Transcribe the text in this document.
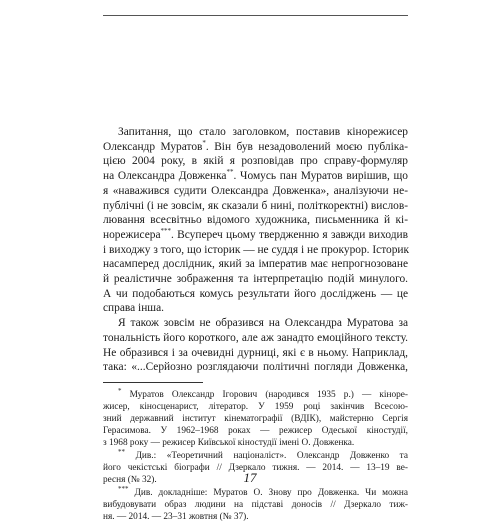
Запитання, що стало заголовком, поставив кінорежисер
Олександр Муратов*. Він був незадоволений моєю публіка-
цією 2004 року, в якій я розповідав про справу-формуляр
на Олександра Довженка**. Чомусь пан Муратов вирішив, що
я «наважився судити Олександра Довженка», аналізуючи не-
публічні (і не зовсім, як сказали б нині, політкоректні) вислов-
лювання всесвітньо відомого художника, письменника й кі-
норежисера***. Всупереч цьому твердженню я завжди виходив
і виходжу з того, що історик — не суддя і не прокурор. Історик
насамперед дослідник, який за імператив має непрогнозоване
й реалістичне зображення та інтерпретацію подій минулого.
А чи подобаються комусь результати його досліджень — це
справа інша.

Я також зовсім не образився на Олександра Муратова за
тональність його короткого, але аж занадто емоційного тексту.
Не образився і за очевидні дурниці, які є в ньому. Наприклад,
така: «...Серйозно розглядаючи політичні погляди Довженка,

* Муратов Олександр Ігорович (народився 1935 р.) — кінорe-
жисер, кіносценарист, літератор. У 1959 році закінчив Всесою-
зний державний інститут кінематографії (ВДІК), майстерню Сергія
Герасимова. У 1962–1968 роках — режисер Одеської кіностудії,
з 1968 року — режисер Київської кіностудії імені О. Довженка.

** Див.: «Теоретичний націоналіст». Олександр Довженко та
його чекістські біографи // Дзеркало тижня. — 2014. — 13–19 ве-
ресня (№ 32).

*** Див. докладніше: Муратов О. Знову про Довженка. Чи можна
вибудовувати образ людини на підставі доносів // Дзеркало тиж-
ня. — 2014. — 23–31 жовтня (№ 37).

17
